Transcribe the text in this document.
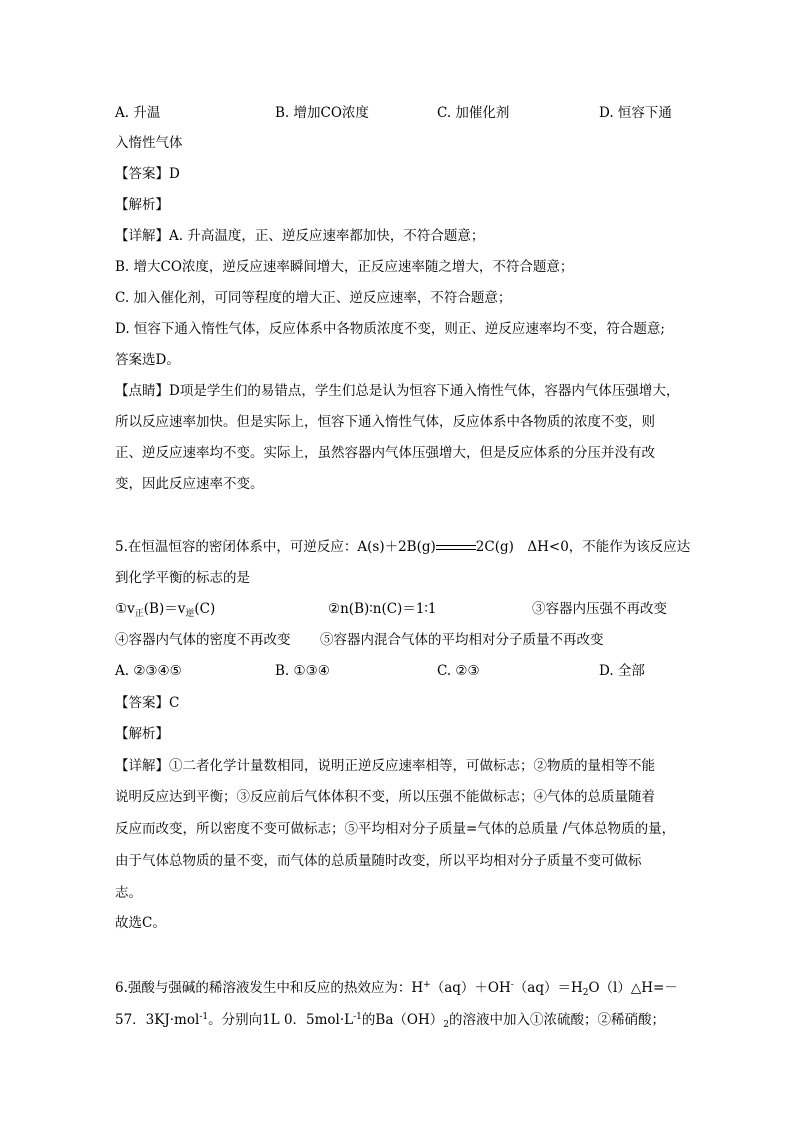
A. 升温	B. 增加CO浓度	C. 加催化剂	D. 恒容下通
入惰性气体
【答案】D
【解析】
【详解】A. 升高温度，正、逆反应速率都加快，不符合题意；
B. 增大CO浓度，逆反应速率瞬间增大，正反应速率随之增大，不符合题意；
C. 加入催化剂，可同等程度的增大正、逆反应速率，不符合题意；
D. 恒容下通入惰性气体，反应体系中各物质浓度不变，则正、逆反应速率均不变，符合题意;
答案选D。
【点睛】D项是学生们的易错点，学生们总是认为恒容下通入惰性气体，容器内气体压强增大，
所以反应速率加快。但是实际上，恒容下通入惰性气体，反应体系中各物质的浓度不变，则
正、逆反应速率均不变。实际上，虽然容器内气体压强增大，但是反应体系的分压并没有改
变，因此反应速率不变。
5.在恒温恒容的密闭体系中，可逆反应：A(s)＋2B(g)	2C(g)　ΔH<0，不能作为该反应达
到化学平衡的标志的是
$①v_正(B)=v_逆(C)$	②n(B)∶n(C)＝1∶1	③容器内压强不再改变
④容器内气体的密度不再改变 ⑤容器内混合气体的平均相对分子质量不再改变
A. ②③④⑤	B. ①③④	C. ②③	D. 全部
【答案】C
【解析】
【详解】①二者化学计量数相同，说明正逆反应速率相等，可做标志；②物质的量相等不能
说明反应达到平衡；③反应前后气体体积不变，所以压强不能做标志；④气体的总质量随着
反应而改变，所以密度不变可做标志；⑤平均相对分子质量=气体的总质量 /气体总物质的量，
由于气体总物质的量不变，而气体的总质量随时改变，所以平均相对分子质量不变可做标
志。
故选C。
6.强酸与强碱的稀溶液发生中和反应的热效应为：$H^+(aq)+OH^-(aq)=H_2O(l)\triangle H=-$
57．3KJ·mol$^{-1}$。分别向1L 0．$5mol\cdot L^{-1}$的$Ba(OH)_2$的溶液中加入①浓硫酸；②稀硝酸；
